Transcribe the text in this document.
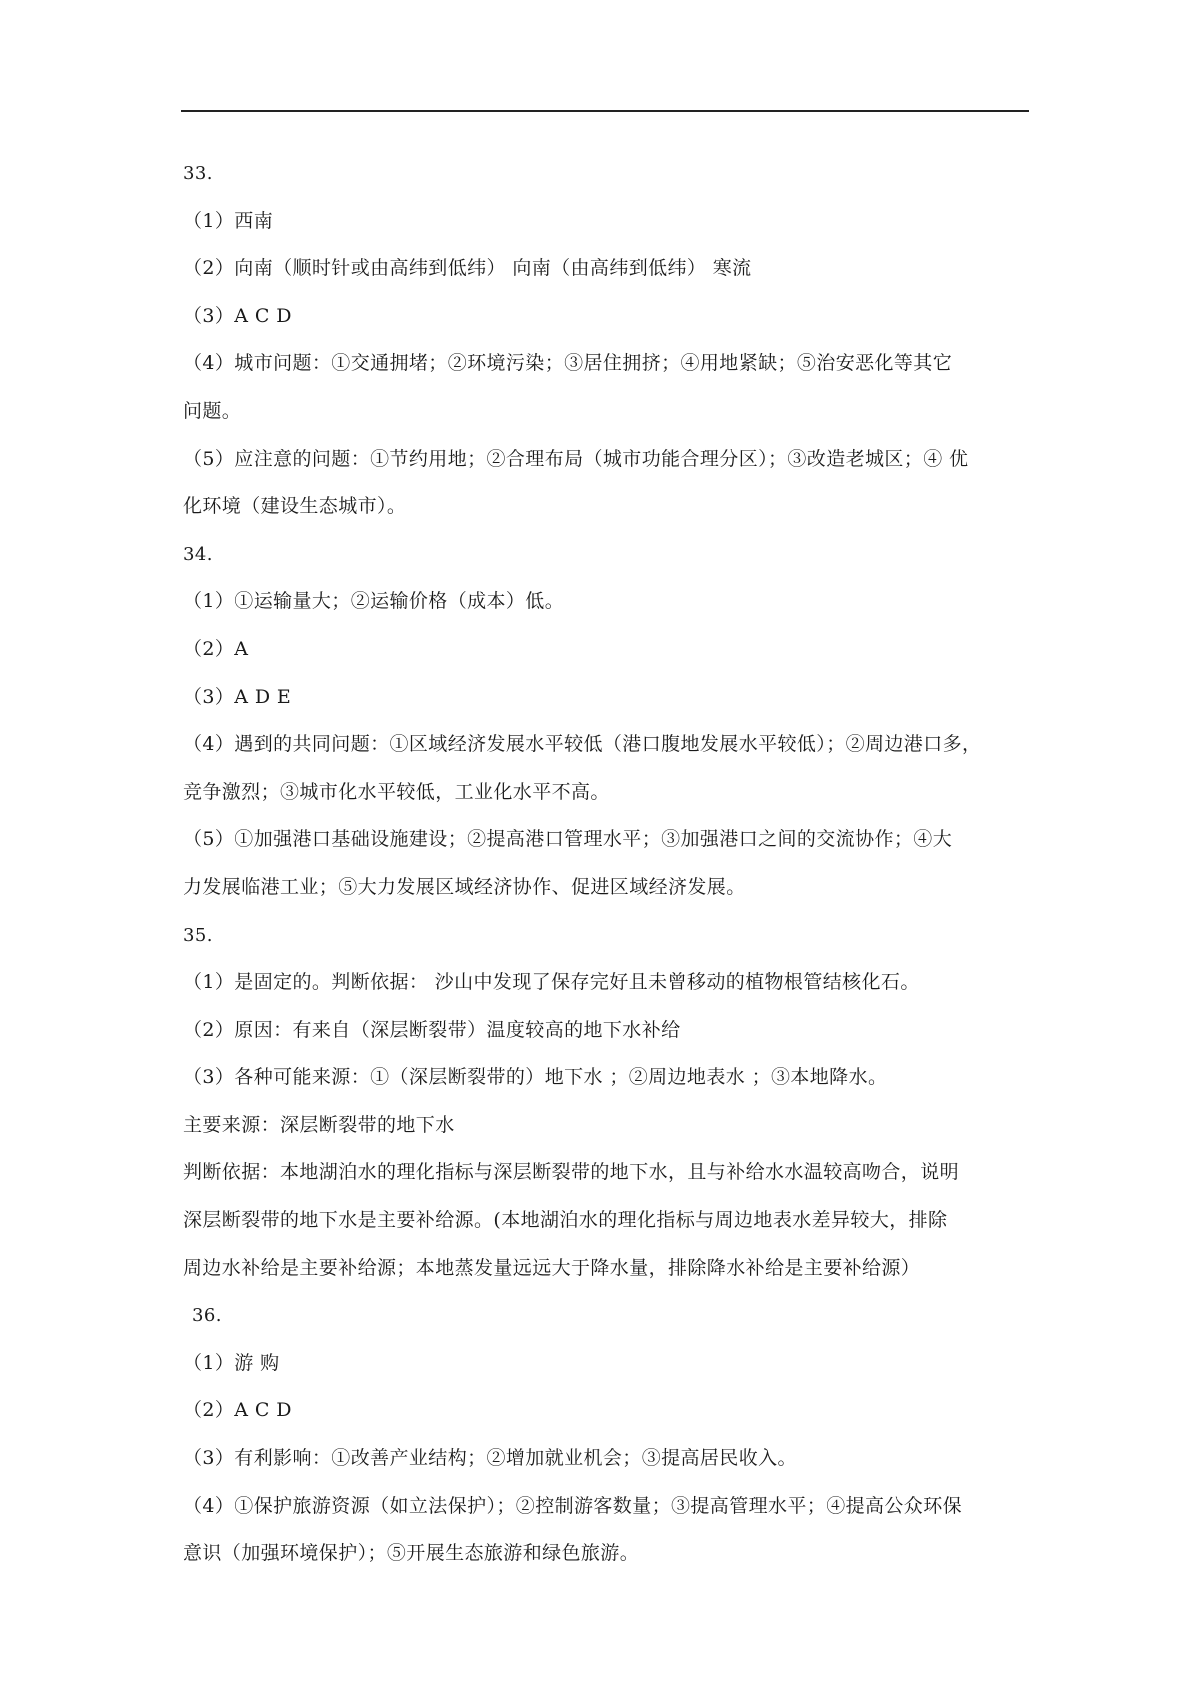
33.
（1）西南
（2）向南（顺时针或由高纬到低纬） 向南（由高纬到低纬） 寒流
（3）A C D
（4）城市问题：①交通拥堵；②环境污染；③居住拥挤；④用地紧缺；⑤治安恶化等其它
问题。
（5）应注意的问题：①节约用地；②合理布局（城市功能合理分区）；③改造老城区；④ 优
化环境（建设生态城市）。
34.
（1）①运输量大；②运输价格（成本）低。
（2）A
（3）A D E
（4）遇到的共同问题：①区域经济发展水平较低（港口腹地发展水平较低）；②周边港口多，
竞争激烈；③城市化水平较低，工业化水平不高。
（5）①加强港口基础设施建设；②提高港口管理水平；③加强港口之间的交流协作；④大
力发展临港工业；⑤大力发展区域经济协作、促进区域经济发展。
35.
（1）是固定的。判断依据： 沙山中发现了保存完好且未曾移动的植物根管结核化石。
（2）原因：有来自（深层断裂带）温度较高的地下水补给
（3）各种可能来源：①（深层断裂带的）地下水 ；②周边地表水 ；③本地降水。
主要来源：深层断裂带的地下水
判断依据：本地湖泊水的理化指标与深层断裂带的地下水，且与补给水水温较高吻合，说明
深层断裂带的地下水是主要补给源。(本地湖泊水的理化指标与周边地表水差异较大，排除
周边水补给是主要补给源；本地蒸发量远远大于降水量，排除降水补给是主要补给源）
36.
（1）游 购
（2）A C D
（3）有利影响：①改善产业结构；②增加就业机会；③提高居民收入。
（4）①保护旅游资源（如立法保护）；②控制游客数量；③提高管理水平；④提高公众环保
意识（加强环境保护）；⑤开展生态旅游和绿色旅游。
